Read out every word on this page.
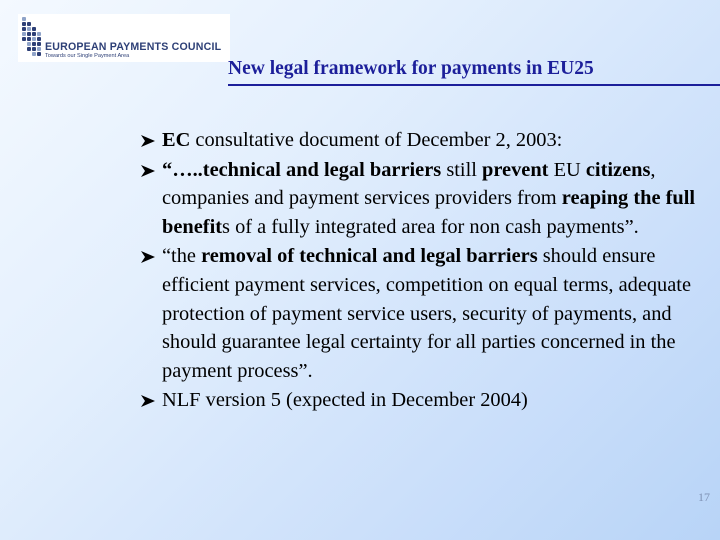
EUROPEAN PAYMENTS COUNCIL
Towards our Single Payment Area
New legal framework for payments in EU25
EC consultative document of December 2, 2003:
“…..technical and legal barriers still prevent EU citizens, companies and payment services providers from reaping the full benefits of a fully integrated area for non cash payments”.
“the removal of technical and legal barriers should ensure efficient payment services, competition on equal terms, adequate protection of payment service users, security of payments, and should guarantee legal certainty for all parties concerned in the payment process”.
NLF version 5 (expected in December 2004)
17
